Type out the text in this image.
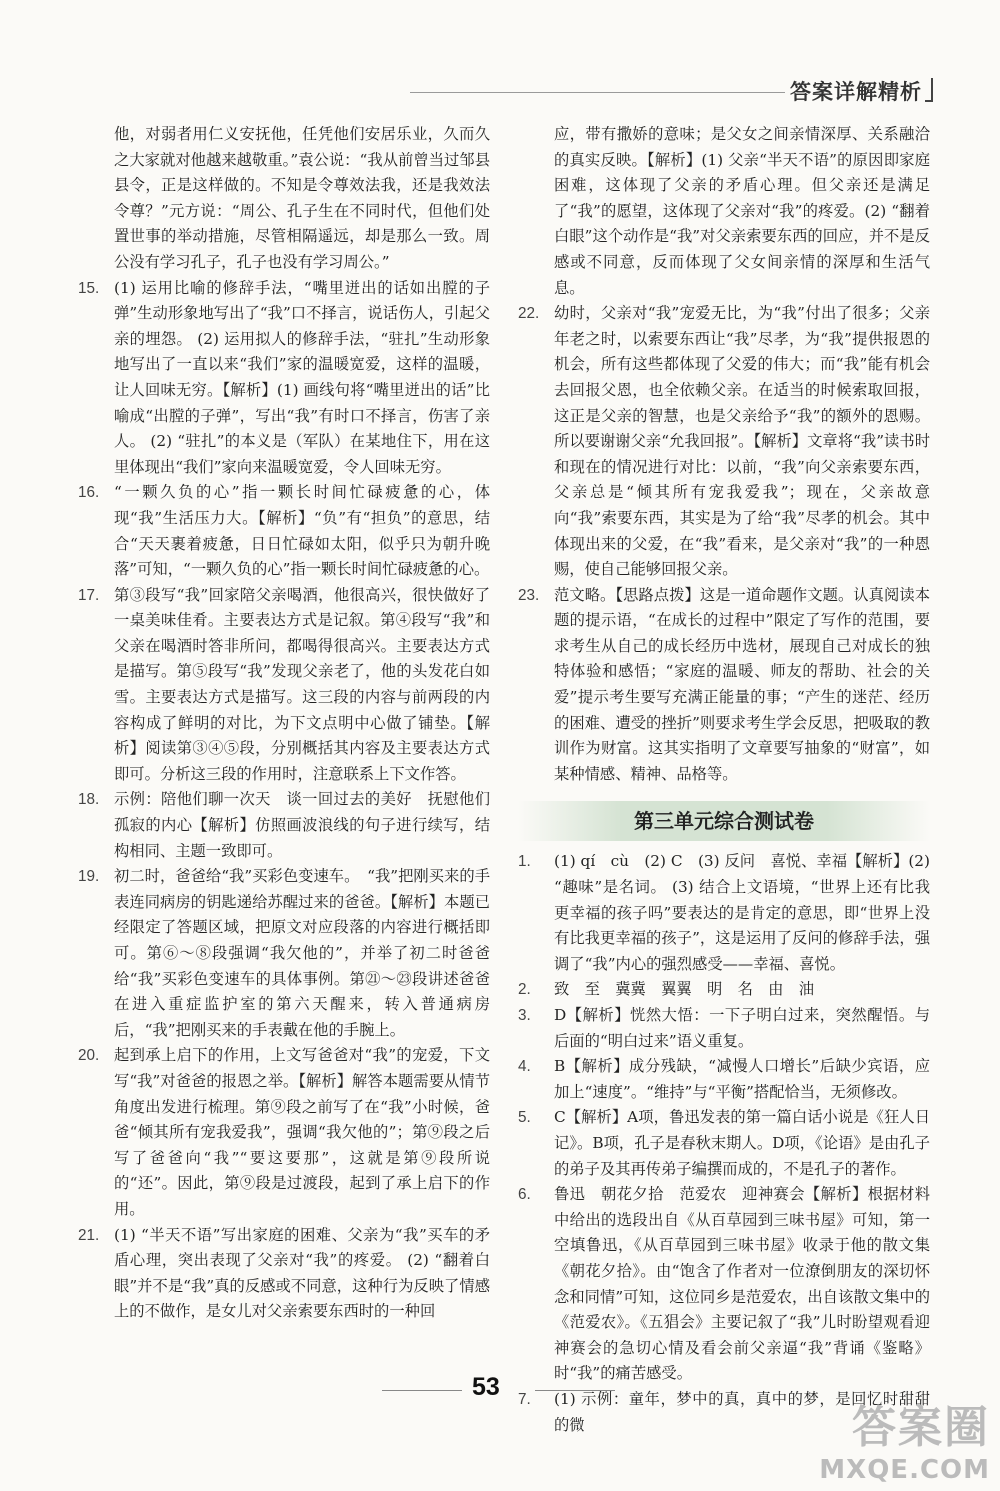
答案详解精析

他，对弱者用仁义安抚他，任凭他们安居乐业，久而久之大家就对他越来越敬重。”袁公说：“我从前曾当过邹县县令，正是这样做的。不知是令尊效法我，还是我效法令尊？”元方说：“周公、孔子生在不同时代，但他们处置世事的举动措施，尽管相隔遥远，却是那么一致。周公没有学习孔子，孔子也没有学习周公。”

15. (1) 运用比喻的修辞手法，“嘴里迸出的话如出膛的子弹”生动形象地写出了“我”口不择言，说话伤人，引起父亲的埋怨。 (2) 运用拟人的修辞手法，“驻扎”生动形象地写出了一直以来“我们”家的温暖宽爱，这样的温暖，让人回味无穷。【解析】(1) 画线句将“嘴里迸出的话”比喻成“出膛的子弹”，写出“我”有时口不择言，伤害了亲人。 (2) “驻扎”的本义是（军队）在某地住下，用在这里体现出“我们”家向来温暖宽爱，令人回味无穷。

16. “一颗久负的心”指一颗长时间忙碌疲惫的心，体现“我”生活压力大。【解析】“负”有“担负”的意思，结合“天天裹着疲惫，日日忙碌如太阳，似乎只为朝升晚落”可知，“一颗久负的心”指一颗长时间忙碌疲惫的心。

17. 第③段写“我”回家陪父亲喝酒，他很高兴，很快做好了一桌美味佳肴。主要表达方式是记叙。第④段写“我”和父亲在喝酒时答非所问，都喝得很高兴。主要表达方式是描写。第⑤段写“我”发现父亲老了，他的头发花白如雪。主要表达方式是描写。这三段的内容与前两段的内容构成了鲜明的对比，为下文点明中心做了铺垫。【解析】阅读第③④⑤段，分别概括其内容及主要表达方式即可。分析这三段的作用时，注意联系上下文作答。

18. 示例：陪他们聊一次天　谈一回过去的美好　抚慰他们孤寂的内心【解析】仿照画波浪线的句子进行续写，结构相同、主题一致即可。

19. 初二时，爸爸给“我”买彩色变速车。　“我”把刚买来的手表连同病房的钥匙递给苏醒过来的爸爸。【解析】本题已经限定了答题区域，把原文对应段落的内容进行概括即可。第⑥～⑧段强调“我欠他的”，并举了初二时爸爸给“我”买彩色变速车的具体事例。第㉑～㉓段讲述爸爸在进入重症监护室的第六天醒来，转入普通病房后，“我”把刚买来的手表戴在他的手腕上。

20. 起到承上启下的作用，上文写爸爸对“我”的宠爱，下文写“我”对爸爸的报恩之举。【解析】解答本题需要从情节角度出发进行梳理。第⑨段之前写了在“我”小时候，爸爸“倾其所有宠我爱我”，强调“我欠他的”；第⑨段之后写了爸爸向“我”“要这要那”，这就是第⑨段所说的“还”。因此，第⑨段是过渡段，起到了承上启下的作用。

21. (1) “半天不语”写出家庭的困难、父亲为“我”买车的矛盾心理，突出表现了父亲对“我”的疼爱。 (2) “翻着白眼”并不是“我”真的反感或不同意，这种行为反映了情感上的不做作，是女儿对父亲索要东西时的一种回

应，带有撒娇的意味；是父女之间亲情深厚、关系融洽的真实反映。【解析】(1) 父亲“半天不语”的原因即家庭困难，这体现了父亲的矛盾心理。但父亲还是满足了“我”的愿望，这体现了父亲对“我”的疼爱。(2) “翻着白眼”这个动作是“我”对父亲索要东西的回应，并不是反感或不同意，反而体现了父女间亲情的深厚和生活气息。

22. 幼时，父亲对“我”宠爱无比，为“我”付出了很多；父亲年老之时，以索要东西让“我”尽孝，为“我”提供报恩的机会，所有这些都体现了父爱的伟大；而“我”能有机会去回报父恩，也全依赖父亲。在适当的时候索取回报，这正是父亲的智慧，也是父亲给予“我”的额外的恩赐。所以要谢谢父亲“允我回报”。【解析】文章将“我”读书时和现在的情况进行对比：以前，“我”向父亲索要东西，父亲总是“倾其所有宠我爱我”；现在，父亲故意向“我”索要东西，其实是为了给“我”尽孝的机会。其中体现出来的父爱，在“我”看来，是父亲对“我”的一种恩赐，使自己能够回报父亲。

23. 范文略。【思路点拨】这是一道命题作文题。认真阅读本题的提示语，“在成长的过程中”限定了写作的范围，要求考生从自己的成长经历中选材，展现自己对成长的独特体验和感悟；“家庭的温暖、师友的帮助、社会的关爱”提示考生要写充满正能量的事；“产生的迷茫、经历的困难、遭受的挫折”则要求考生学会反思，把吸取的教训作为财富。这其实指明了文章要写抽象的“财富”，如某种情感、精神、品格等。

第三单元综合测试卷
1. (1) qí　cù　(2) C　(3) 反问　喜悦、幸福【解析】(2) “趣味”是名词。 (3) 结合上文语境，“世界上还有比我更幸福的孩子吗”要表达的是肯定的意思，即“世界上没有比我更幸福的孩子”，这是运用了反问的修辞手法，强调了“我”内心的强烈感受——幸福、喜悦。

2. 致　至　冀冀　翼翼　明　名　由　油

3. D【解析】恍然大悟：一下子明白过来，突然醒悟。与后面的“明白过来”语义重复。

4. B【解析】成分残缺，“减慢人口增长”后缺少宾语，应加上“速度”。“维持”与“平衡”搭配恰当，无须修改。

5. C【解析】A项，鲁迅发表的第一篇白话小说是《狂人日记》。B项，孔子是春秋末期人。D项，《论语》是由孔子的弟子及其再传弟子编撰而成的，不是孔子的著作。

6. 鲁迅　朝花夕拾　范爱农　迎神赛会【解析】根据材料中给出的选段出自《从百草园到三味书屋》可知，第一空填鲁迅，《从百草园到三味书屋》收录于他的散文集《朝花夕拾》。由“饱含了作者对一位潦倒朋友的深切怀念和同情”可知，这位同乡是范爱农，出自该散文集中的《范爱农》。《五猖会》主要记叙了“我”儿时盼望观看迎神赛会的急切心情及看会前父亲逼“我”背诵《鉴略》时“我”的痛苦感受。

7. (1) 示例：童年，梦中的真，真中的梦，是回忆时甜甜的微

53
答案圈
MXQE.COM
